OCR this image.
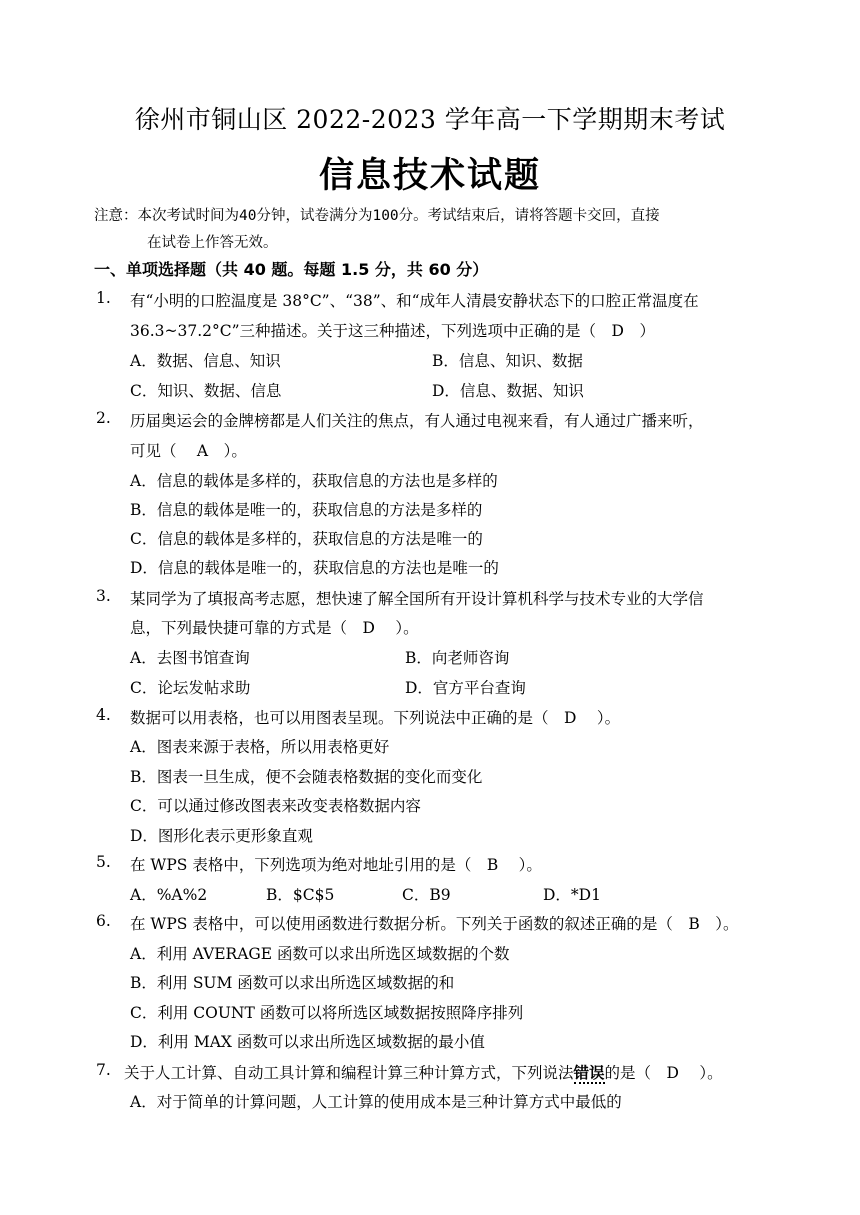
徐州市铜山区 2022-2023 学年高一下学期期末考试
信息技术试题
注意：本次考试时间为40分钟，试卷满分为100分。考试结束后，请将答题卡交回，直接
在试卷上作答无效。
一、单项选择题（共 40 题。每题 1.5 分，共 60 分）
1. 有“小明的口腔温度是 38°C”、“38”、和“成年人清晨安静状态下的口腔正常温度在
36.3~37.2°C”三种描述。关于这三种描述，下列选项中正确的是（　D　）
A．数据、信息、知识	B．信息、知识、数据
C．知识、数据、信息	D．信息、数据、知识
2. 历届奥运会的金牌榜都是人们关注的焦点，有人通过电视来看，有人通过广播来听，
可见（　 A　）。
A．信息的载体是多样的，获取信息的方法也是多样的
B．信息的载体是唯一的，获取信息的方法是多样的
C．信息的载体是多样的，获取信息的方法是唯一的
D．信息的载体是唯一的，获取信息的方法也是唯一的
3. 某同学为了填报高考志愿，想快速了解全国所有开设计算机科学与技术专业的大学信
息，下列最快捷可靠的方式是（　D　 ）。
A．去图书馆查询	B．向老师咨询
C．论坛发帖求助	D．官方平台查询
4. 数据可以用表格，也可以用图表呈现。下列说法中正确的是（　D　 ）。
A．图表来源于表格，所以用表格更好
B．图表一旦生成，便不会随表格数据的变化而变化
C．可以通过修改图表来改变表格数据内容
D．图形化表示更形象直观
5. 在 WPS 表格中，下列选项为绝对地址引用的是（　B　 ）。
A．%A%2	B．$C$5	C．B9	D．*D1
6. 在 WPS 表格中，可以使用函数进行数据分析。下列关于函数的叙述正确的是（　B　）。
A．利用 AVERAGE 函数可以求出所选区域数据的个数
B．利用 SUM 函数可以求出所选区域数据的和
C．利用 COUNT 函数可以将所选区域数据按照降序排列
D．利用 MAX 函数可以求出所选区域数据的最小值
7. 关于人工计算、自动工具计算和编程计算三种计算方式，下列说法错误的是（　D　 ）。
A．对于简单的计算问题，人工计算的使用成本是三种计算方式中最低的
